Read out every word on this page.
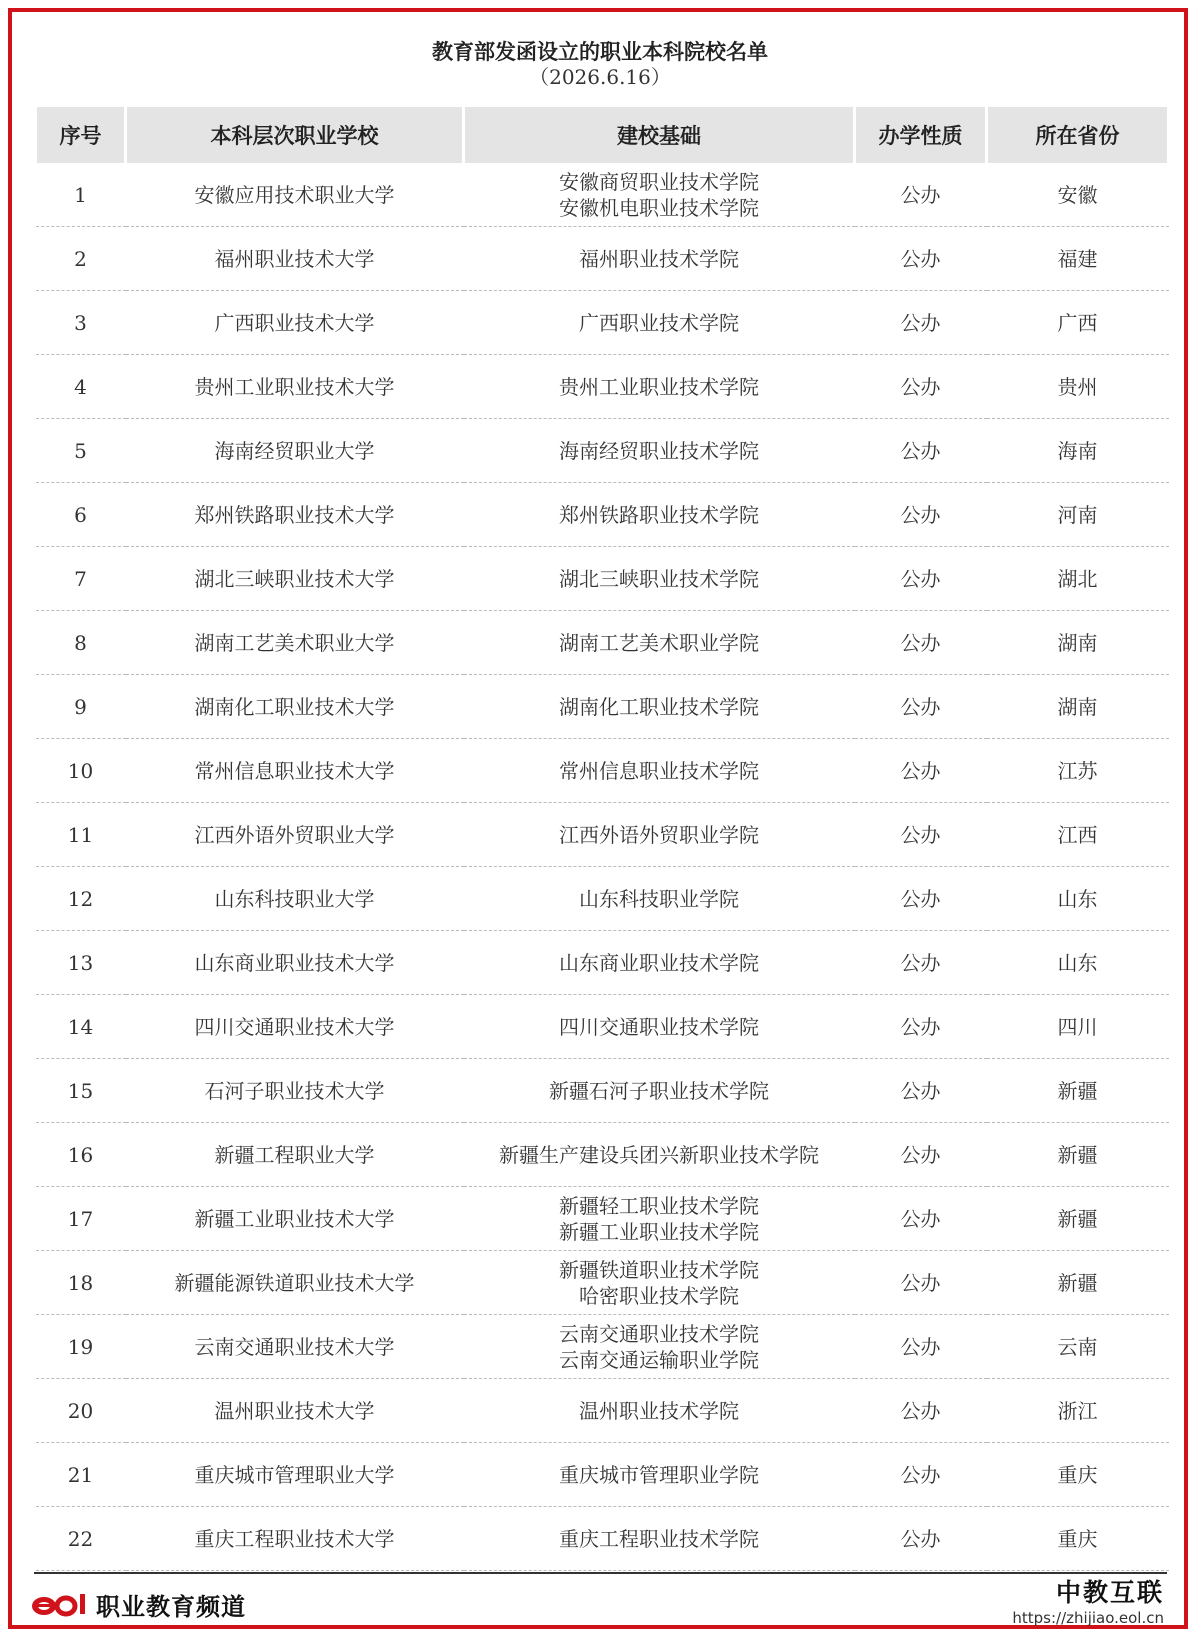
教育部发函设立的职业本科院校名单
（2026.6.16）
序号	本科层次职业学校	建校基础	办学性质	所在省份
1	安徽应用技术职业大学	安徽商贸职业技术学院
安徽机电职业技术学院	公办	安徽
2	福州职业技术大学	福州职业技术学院	公办	福建
3	广西职业技术大学	广西职业技术学院	公办	广西
4	贵州工业职业技术大学	贵州工业职业技术学院	公办	贵州
5	海南经贸职业大学	海南经贸职业技术学院	公办	海南
6	郑州铁路职业技术大学	郑州铁路职业技术学院	公办	河南
7	湖北三峡职业技术大学	湖北三峡职业技术学院	公办	湖北
8	湖南工艺美术职业大学	湖南工艺美术职业学院	公办	湖南
9	湖南化工职业技术大学	湖南化工职业技术学院	公办	湖南
10	常州信息职业技术大学	常州信息职业技术学院	公办	江苏
11	江西外语外贸职业大学	江西外语外贸职业学院	公办	江西
12	山东科技职业大学	山东科技职业学院	公办	山东
13	山东商业职业技术大学	山东商业职业技术学院	公办	山东
14	四川交通职业技术大学	四川交通职业技术学院	公办	四川
15	石河子职业技术大学	新疆石河子职业技术学院	公办	新疆
16	新疆工程职业大学	新疆生产建设兵团兴新职业技术学院	公办	新疆
17	新疆工业职业技术大学	新疆轻工职业技术学院
新疆工业职业技术学院	公办	新疆
18	新疆能源铁道职业技术大学	新疆铁道职业技术学院
哈密职业技术学院	公办	新疆
19	云南交通职业技术大学	云南交通职业技术学院
云南交通运输职业学院	公办	云南
20	温州职业技术大学	温州职业技术学院	公办	浙江
21	重庆城市管理职业大学	重庆城市管理职业学院	公办	重庆
22	重庆工程职业技术大学	重庆工程职业技术学院	公办	重庆
职业教育频道	中教互联
https://zhijiao.eol.cn
